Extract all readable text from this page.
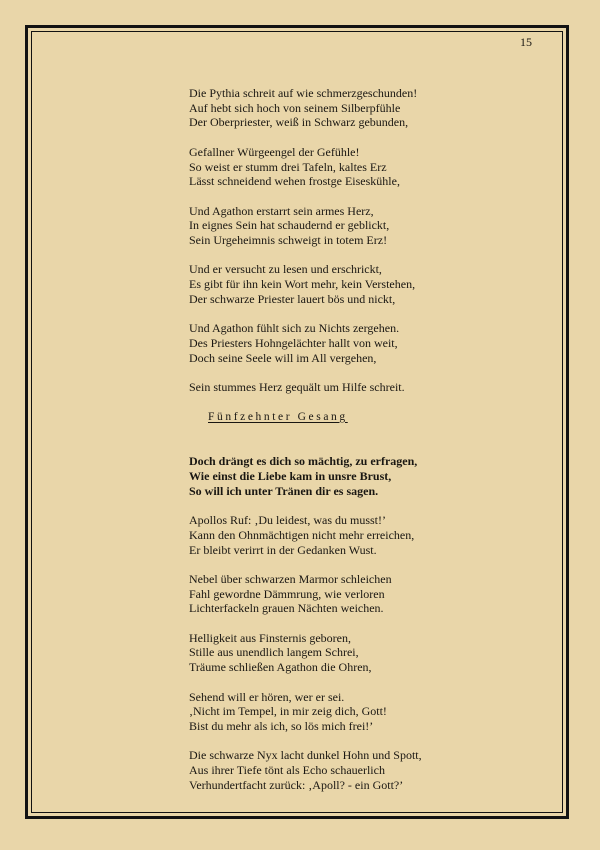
15
Die Pythia schreit auf wie schmerzgeschunden!
Auf hebt sich hoch von seinem Silberpfühle
Der Oberpriester, weiß in Schwarz gebunden,
Gefallner Würgeengel der Gefühle!
So weist er stumm drei Tafeln, kaltes Erz
Lässt schneidend wehen frostge Eiseskühle,
Und Agathon erstarrt sein armes Herz,
In eignes Sein hat schaudernd er geblickt,
Sein Urgeheimnis schweigt in totem Erz!
Und er versucht zu lesen und erschrickt,
Es gibt für ihn kein Wort mehr, kein Verstehen,
Der schwarze Priester lauert bös und nickt,
Und Agathon fühlt sich zu Nichts zergehen.
Des Priesters Hohngelächter hallt von weit,
Doch seine Seele will im All vergehen,
Sein stummes Herz gequält um Hilfe schreit.
Fünfzehnter Gesang
Doch drängt es dich so mächtig, zu erfragen,
Wie einst die Liebe kam in unsre Brust,
So will ich unter Tränen dir es sagen.
Apollos Ruf: ‚Du leidest, was du musst!’
Kann den Ohnmächtigen nicht mehr erreichen,
Er bleibt verirrt in der Gedanken Wust.
Nebel über schwarzen Marmor schleichen
Fahl gewordne Dämmrung, wie verloren
Lichterfackeln grauen Nächten weichen.
Helligkeit aus Finsternis geboren,
Stille aus unendlich langem Schrei,
Träume schließen Agathon die Ohren,
Sehend will er hören, wer er sei.
‚Nicht im Tempel, in mir zeig dich, Gott!
Bist du mehr als ich, so lös mich frei!’
Die schwarze Nyx lacht dunkel Hohn und Spott,
Aus ihrer Tiefe tönt als Echo schauerlich
Verhundertfacht zurück: ‚Apoll? - ein Gott?’
